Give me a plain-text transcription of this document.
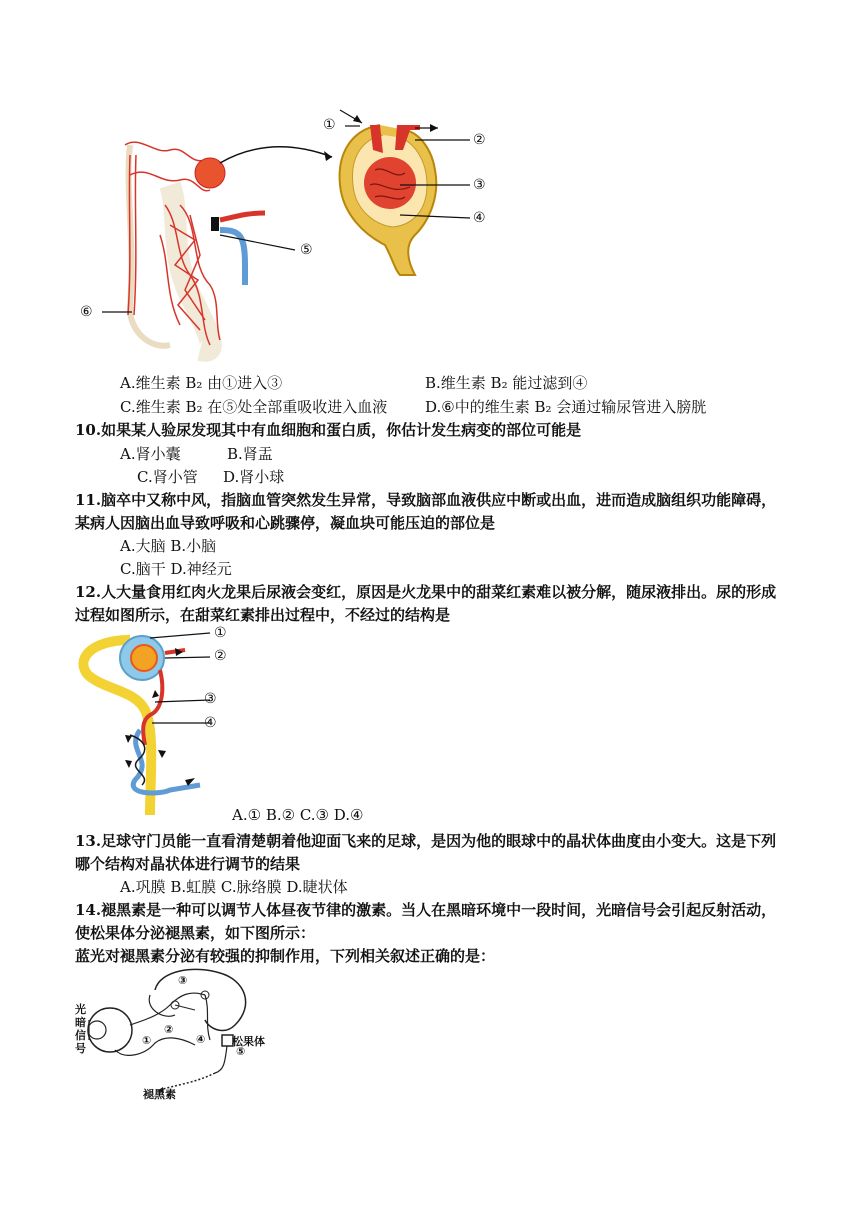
①
②
③
④
⑤
⑥
A.维生素 B₂ 由①进入③	B.维生素 B₂ 能过滤到④
C.维生素 B₂ 在⑤处全部重吸收进入血液	D.⑥中的维生素 B₂ 会通过输尿管进入膀胱
10.如果某人验尿发现其中有血细胞和蛋白质，你估计发生病变的部位可能是
A.肾小囊	B.肾盂
C.肾小管 D.肾小球
11.脑卒中又称中风，指脑血管突然发生异常，导致脑部血液供应中断或出血，进而造成脑组织功能障碍，
某病人因脑出血导致呼吸和心跳骤停，凝血块可能压迫的部位是
A.大脑 B.小脑
C.脑干 D.神经元
12.人大量食用红肉火龙果后尿液会变红，原因是火龙果中的甜菜红素难以被分解，随尿液排出。尿的形成
过程如图所示，在甜菜红素排出过程中，不经过的结构是
①
②
③
④
A.① B.② C.③ D.④
13.足球守门员能一直看清楚朝着他迎面飞来的足球，是因为他的眼球中的晶状体曲度由小变大。这是下列
哪个结构对晶状体进行调节的结果
A.巩膜 B.虹膜 C.脉络膜 D.睫状体
14.褪黑素是一种可以调节人体昼夜节律的激素。当人在黑暗环境中一段时间，光暗信号会引起反射活动，
使松果体分泌褪黑素，如下图所示：
蓝光对褪黑素分泌有较强的抑制作用，下列相关叙述正确的是：
光暗信号
松果体
褪黑素
①
②
③
④
⑤
